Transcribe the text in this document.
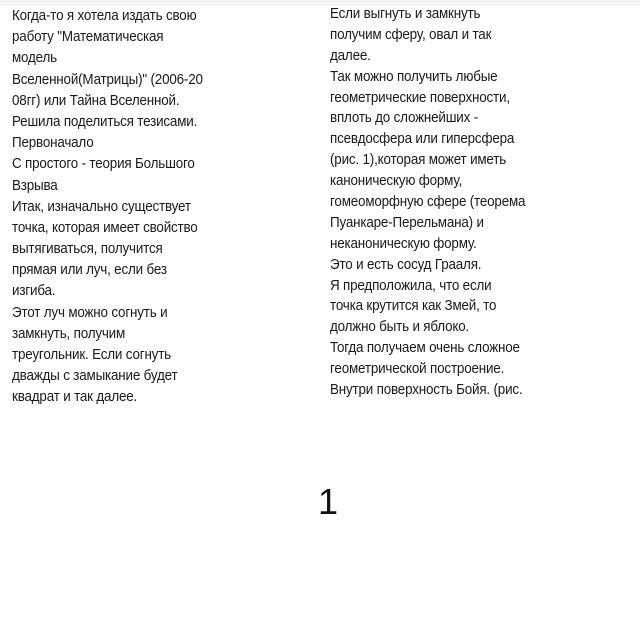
Когда-то я хотела издать свою
работу "Математическая
модель
Вселенной(Матрицы)" (2006-20
08гг) или Тайна Вселенной.
Решила поделиться тезисами.
Первоначало
С простого - теория Большого
Взрыва
Итак, изначально существует
точка, которая имеет свойство
вытягиваться, получится
прямая или луч, если без
изгиба.
Этот луч можно согнуть и
замкнуть, получим
треугольник. Если согнуть
дважды с замыкание будет
квадрат и так далее.
Если выгнуть и замкнуть
получим сферу, овал и так
далее.
Так можно получить любые
геометрические поверхности,
вплоть до сложнейших -
псевдосфера или гиперсфера
(рис. 1),которая может иметь
каноническую форму,
гомеоморфную сфере (теорема
Пуанкаре-Перельмана) и
неканоническую форму.
Это и есть сосуд Грааля.
Я предположила, что если
точка крутится как Змей, то
должно быть и яблоко.
Тогда получаем очень сложное
геометрической построение.
Внутри поверхность Бойя. (рис.
1
